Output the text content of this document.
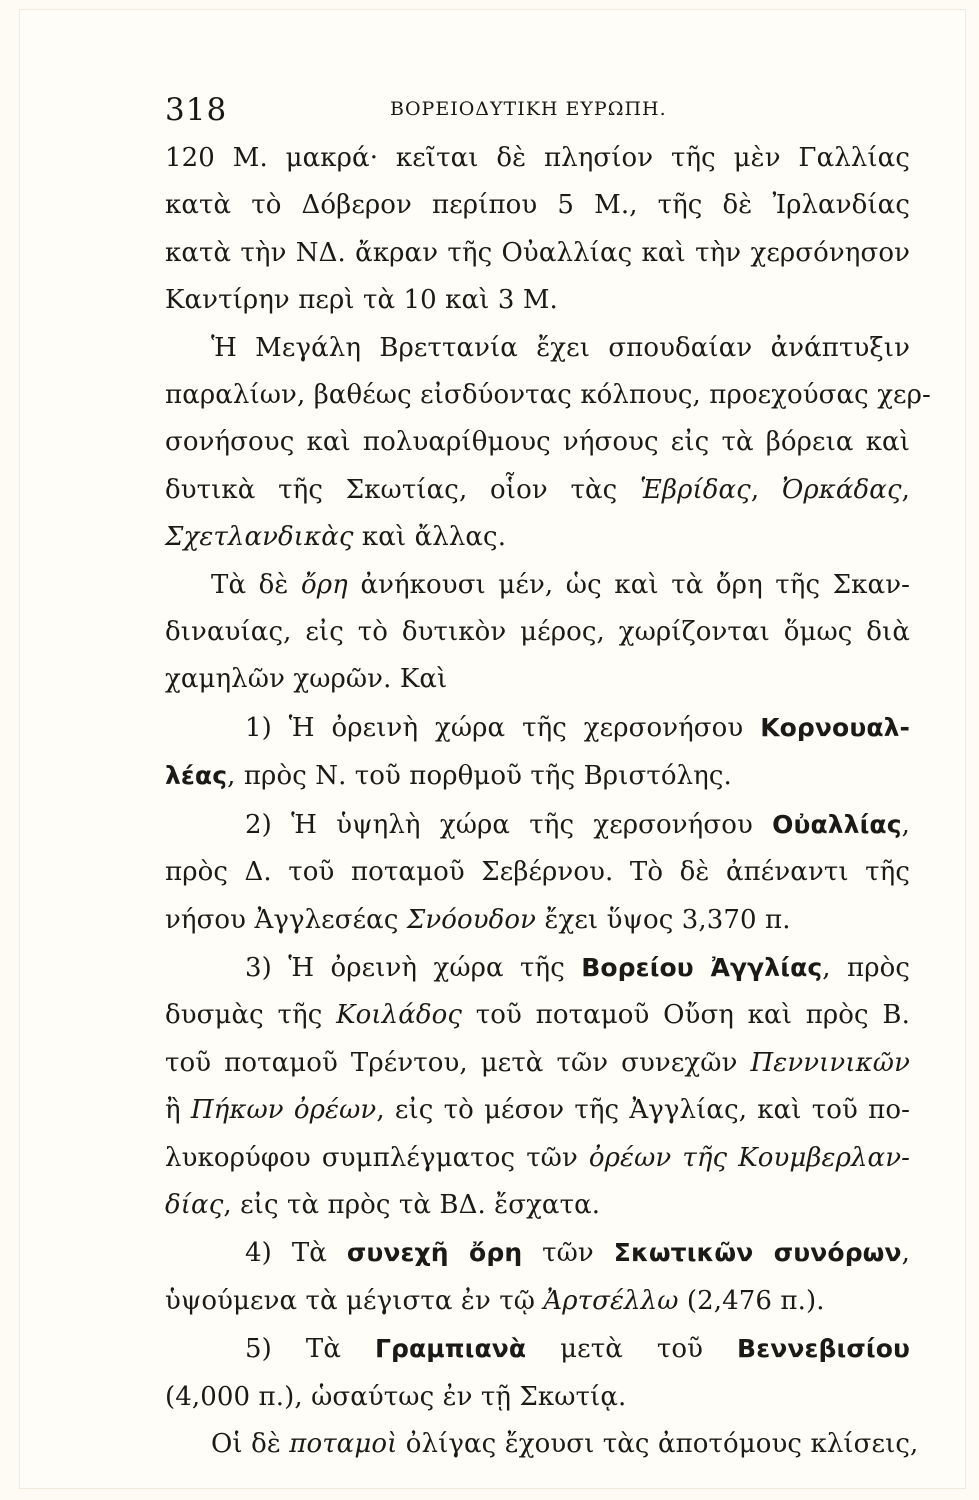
318	ΒΟΡΕΙΟΔΥΤΙΚΗ ΕΥΡΩΠΗ.
120 Μ. μακρά· κεῖται δὲ πλησίον τῆς μὲν Γαλλίας
κατὰ τὸ Δόβερον περίπου 5 Μ., τῆς δὲ Ἰρλανδίας
κατὰ τὴν ΝΔ. ἄκραν τῆς Οὐαλλίας καὶ τὴν χερσόνησον
Καντίρην περὶ τὰ 10 καὶ 3 Μ.
Ἡ Μεγάλη Βρεττανία ἔχει σπουδαίαν ἀνάπτυξιν
παραλίων, βαθέως εἰσδύοντας κόλπους, προεχούσας χερ-
σονήσους καὶ πολυαρίθμους νήσους εἰς τὰ βόρεια καὶ
δυτικὰ τῆς Σκωτίας, οἷον τὰς Ἑβρίδας, Ὀρκάδας,
Σχετλανδικὰς καὶ ἄλλας.
Τὰ δὲ ὄρη ἀνήκουσι μέν, ὡς καὶ τὰ ὄρη τῆς Σκαν-
διναυίας, εἰς τὸ δυτικὸν μέρος, χωρίζονται ὅμως διὰ
χαμηλῶν χωρῶν. Καὶ
1) Ἡ ὀρεινὴ χώρα τῆς χερσονήσου Κορνουαλ-
λέας, πρὸς Ν. τοῦ πορθμοῦ τῆς Βριστόλης.
2) Ἡ ὑψηλὴ χώρα τῆς χερσονήσου Οὐαλλίας,
πρὸς Δ. τοῦ ποταμοῦ Σεβέρνου. Τὸ δὲ ἀπέναντι τῆς
νήσου Ἀγγλεσέας Σνόουδον ἔχει ὕψος 3,370 π.
3) Ἡ ὀρεινὴ χώρα τῆς Βορείου Ἀγγλίας, πρὸς
δυσμὰς τῆς Κοιλάδος τοῦ ποταμοῦ Οὔση καὶ πρὸς Β.
τοῦ ποταμοῦ Τρέντου, μετὰ τῶν συνεχῶν Πεννινικῶν
ἢ Πήκων ὀρέων, εἰς τὸ μέσον τῆς Ἀγγλίας, καὶ τοῦ πο-
λυκορύφου συμπλέγματος τῶν ὀρέων τῆς Κουμβερλαν-
δίας, εἰς τὰ πρὸς τὰ ΒΔ. ἔσχατα.
4) Τὰ συνεχῆ ὄρη τῶν Σκωτικῶν συνόρων,
ὑψούμενα τὰ μέγιστα ἐν τῷ Ἀρτσέλλω (2,476 π.).
5) Τὰ Γραμπιανὰ μετὰ τοῦ Βεννεβισίου
(4,000 π.), ὡσαύτως ἐν τῇ Σκωτίᾳ.
Οἱ δὲ ποταμοὶ ὀλίγας ἔχουσι τὰς ἀποτόμους κλίσεις,
